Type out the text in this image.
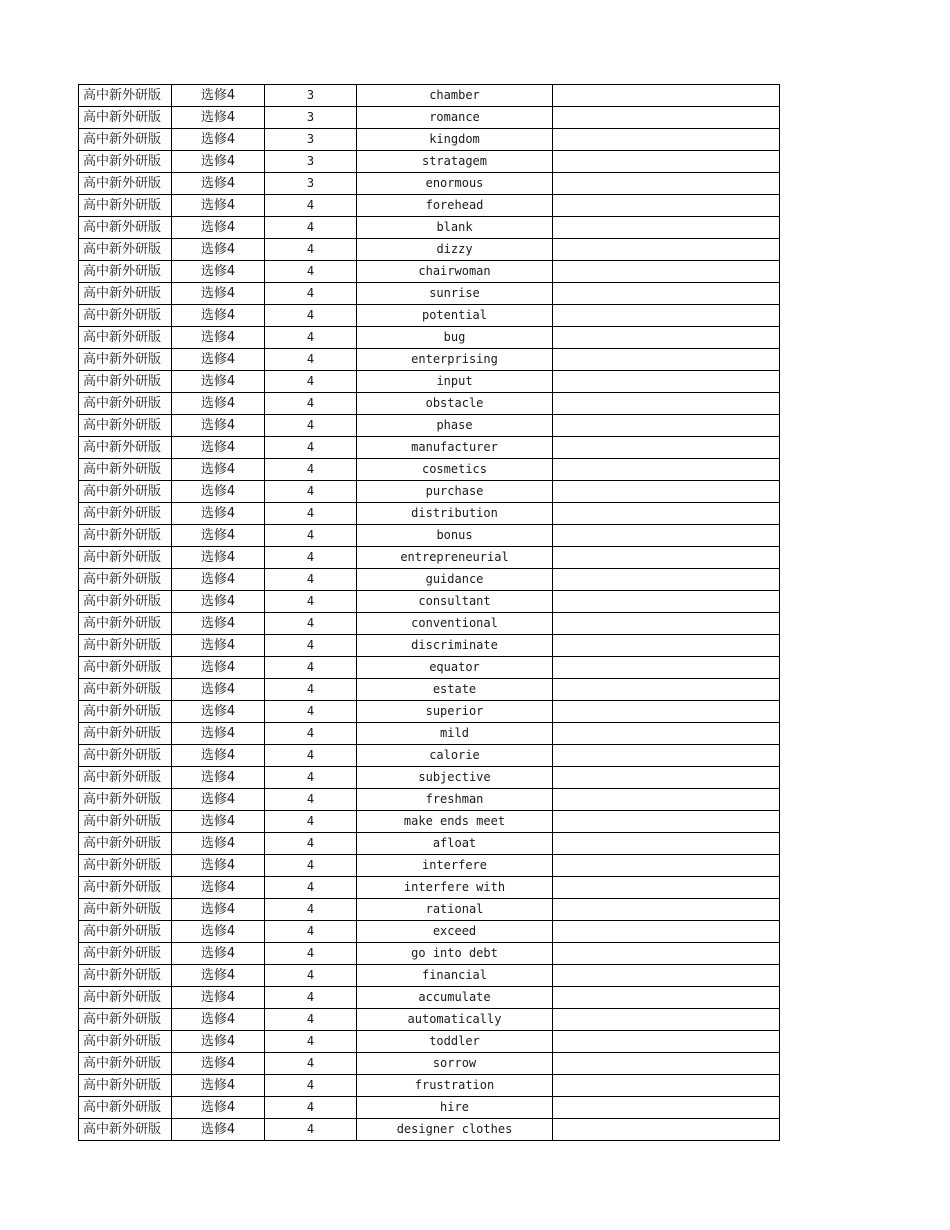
高中新外研版	选修4	3	chamber	
高中新外研版	选修4	3	romance	
高中新外研版	选修4	3	kingdom	
高中新外研版	选修4	3	stratagem	
高中新外研版	选修4	3	enormous	
高中新外研版	选修4	4	forehead	
高中新外研版	选修4	4	blank	
高中新外研版	选修4	4	dizzy	
高中新外研版	选修4	4	chairwoman	
高中新外研版	选修4	4	sunrise	
高中新外研版	选修4	4	potential	
高中新外研版	选修4	4	bug	
高中新外研版	选修4	4	enterprising	
高中新外研版	选修4	4	input	
高中新外研版	选修4	4	obstacle	
高中新外研版	选修4	4	phase	
高中新外研版	选修4	4	manufacturer	
高中新外研版	选修4	4	cosmetics	
高中新外研版	选修4	4	purchase	
高中新外研版	选修4	4	distribution	
高中新外研版	选修4	4	bonus	
高中新外研版	选修4	4	entrepreneurial	
高中新外研版	选修4	4	guidance	
高中新外研版	选修4	4	consultant	
高中新外研版	选修4	4	conventional	
高中新外研版	选修4	4	discriminate	
高中新外研版	选修4	4	equator	
高中新外研版	选修4	4	estate	
高中新外研版	选修4	4	superior	
高中新外研版	选修4	4	mild	
高中新外研版	选修4	4	calorie	
高中新外研版	选修4	4	subjective	
高中新外研版	选修4	4	freshman	
高中新外研版	选修4	4	make ends meet	
高中新外研版	选修4	4	afloat	
高中新外研版	选修4	4	interfere	
高中新外研版	选修4	4	interfere with	
高中新外研版	选修4	4	rational	
高中新外研版	选修4	4	exceed	
高中新外研版	选修4	4	go into debt	
高中新外研版	选修4	4	financial	
高中新外研版	选修4	4	accumulate	
高中新外研版	选修4	4	automatically	
高中新外研版	选修4	4	toddler	
高中新外研版	选修4	4	sorrow	
高中新外研版	选修4	4	frustration	
高中新外研版	选修4	4	hire	
高中新外研版	选修4	4	designer clothes	
